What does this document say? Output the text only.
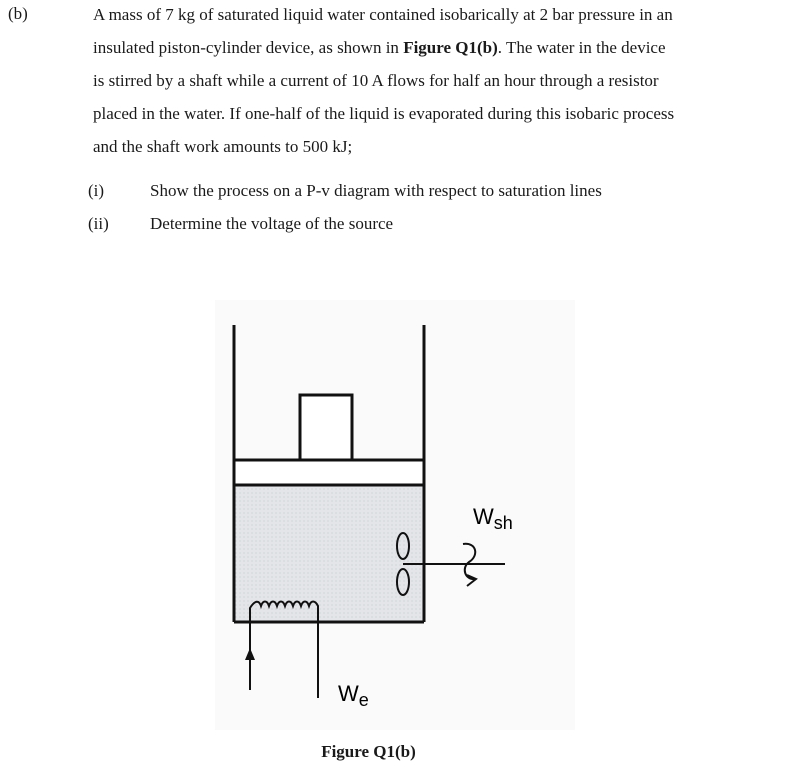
(b)	A mass of 7 kg of saturated liquid water contained isobarically at 2 bar pressure in an
insulated piston-cylinder device, as shown in Figure Q1(b). The water in the device
is stirred by a shaft while a current of 10 A flows for half an hour through a resistor
placed in the water. If one-half of the liquid is evaporated during this isobaric process
and the shaft work amounts to 500 kJ;
(i)	Show the process on a P-v diagram with respect to saturation lines
(ii)	Determine the voltage of the source
$W_{sh}$
$W_e$
Figure Q1(b)
